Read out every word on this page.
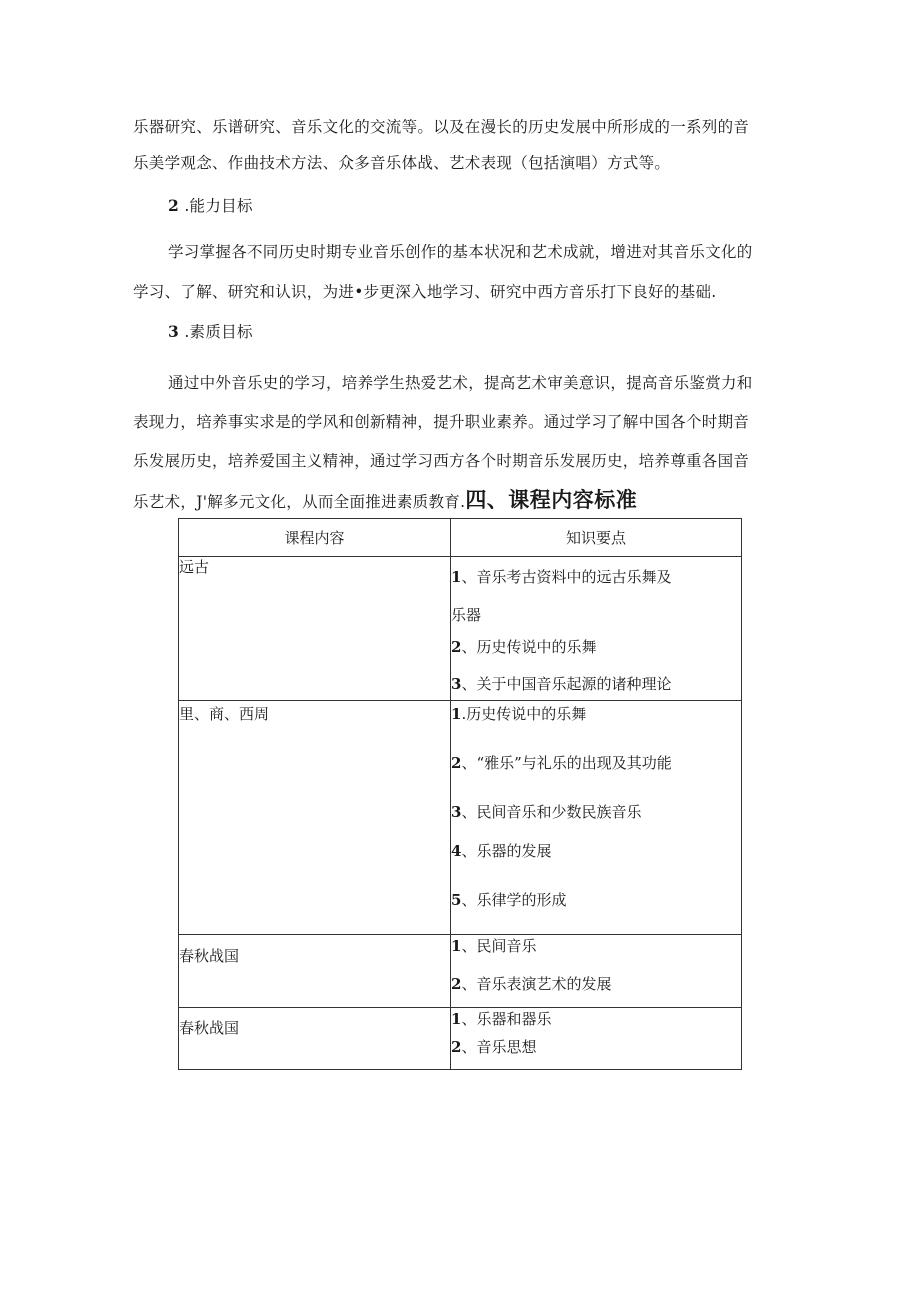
乐器研究、乐谱研究、音乐文化的交流等。以及在漫长的历史发展中所形成的一系列的音
乐美学观念、作曲技术方法、众多音乐体战、艺术表现（包括演唱）方式等。
2 .能力目标
学习掌握各不同历史时期专业音乐创作的基本状况和艺术成就，增进对其音乐文化的
学习、了解、研究和认识，为进•步更深入地学习、研究中西方音乐打下良好的基础.
3 .素质目标
通过中外音乐史的学习，培养学生热爱艺术，提高艺术审美意识，提高音乐鉴赏力和
表现力，培养事实求是的学风和创新精神，提升职业素养。通过学习了解中国各个时期音
乐发展历史，培养爱国主义精神，通过学习西方各个时期音乐发展历史，培养尊重各国音
乐艺术，J'解多元文化，从而全面推进素质教育.四、课程内容标准
课程内容	知识要点
远古	1、音乐考古资料中的远古乐舞及
乐器
2、历史传说中的乐舞
3、关于中国音乐起源的诸种理论

里、商、西周	1.历史传说中的乐舞
2、“雅乐”与礼乐的出现及其功能
3、民间音乐和少数民族音乐
4、乐器的发展
5、乐律学的形成

春秋战国	1、民间音乐
2、音乐表演艺术的发展

春秋战国	1、乐器和器乐
2、音乐思想
